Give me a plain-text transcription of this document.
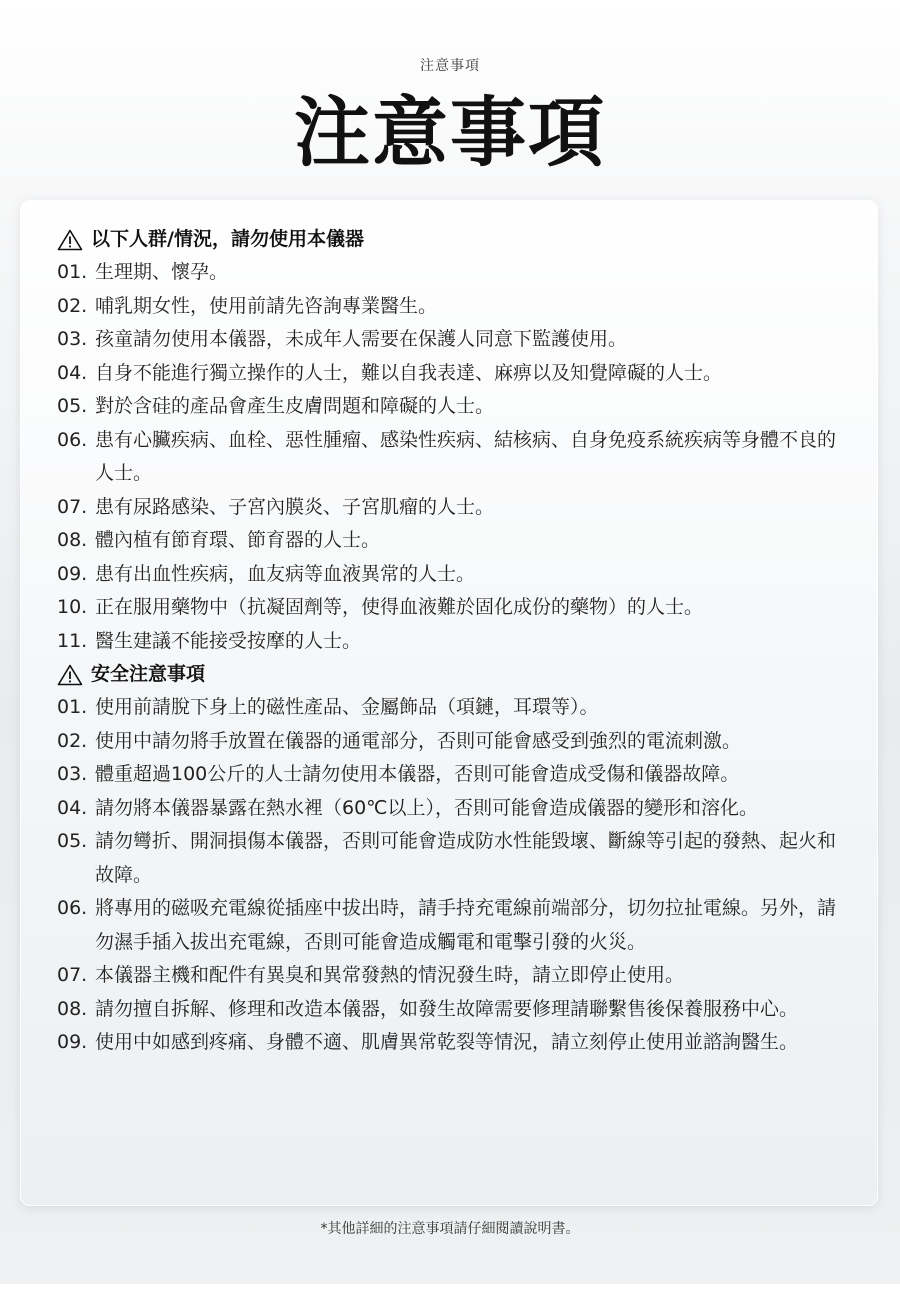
注意事項
注意事項
以下人群/情況，請勿使用本儀器
01. 生理期、懷孕。
02. 哺乳期女性，使用前請先咨詢專業醫生。
03. 孩童請勿使用本儀器，未成年人需要在保護人同意下監護使用。
04. 自身不能進行獨立操作的人士，難以自我表達、麻痹以及知覺障礙的人士。
05. 對於含硅的產品會產生皮膚問題和障礙的人士。
06. 患有心臟疾病、血栓、惡性腫瘤、感染性疾病、結核病、自身免疫系統疾病等身體不良的人士。
07. 患有尿路感染、子宮內膜炎、子宮肌瘤的人士。
08. 體內植有節育環、節育器的人士。
09. 患有出血性疾病，血友病等血液異常的人士。
10. 正在服用藥物中（抗凝固劑等，使得血液難於固化成份的藥物）的人士。
11. 醫生建議不能接受按摩的人士。
安全注意事項
01. 使用前請脫下身上的磁性產品、金屬飾品（項鏈，耳環等）。
02. 使用中請勿將手放置在儀器的通電部分，否則可能會感受到強烈的電流刺激。
03. 體重超過100公斤的人士請勿使用本儀器，否則可能會造成受傷和儀器故障。
04. 請勿將本儀器暴露在熱水裡（60℃以上），否則可能會造成儀器的變形和溶化。
05. 請勿彎折、開洞損傷本儀器，否則可能會造成防水性能毀壞、斷線等引起的發熱、起火和故障。
06. 將專用的磁吸充電線從插座中拔出時，請手持充電線前端部分，切勿拉扯電線。另外，請勿濕手插入拔出充電線，否則可能會造成觸電和電擊引發的火災。
07. 本儀器主機和配件有異臭和異常發熱的情況發生時，請立即停止使用。
08. 請勿擅自拆解、修理和改造本儀器，如發生故障需要修理請聯繫售後保養服務中心。
09. 使用中如感到疼痛、身體不適、肌膚異常乾裂等情況，請立刻停止使用並諮詢醫生。
*其他詳細的注意事項請仔細閱讀說明書。
